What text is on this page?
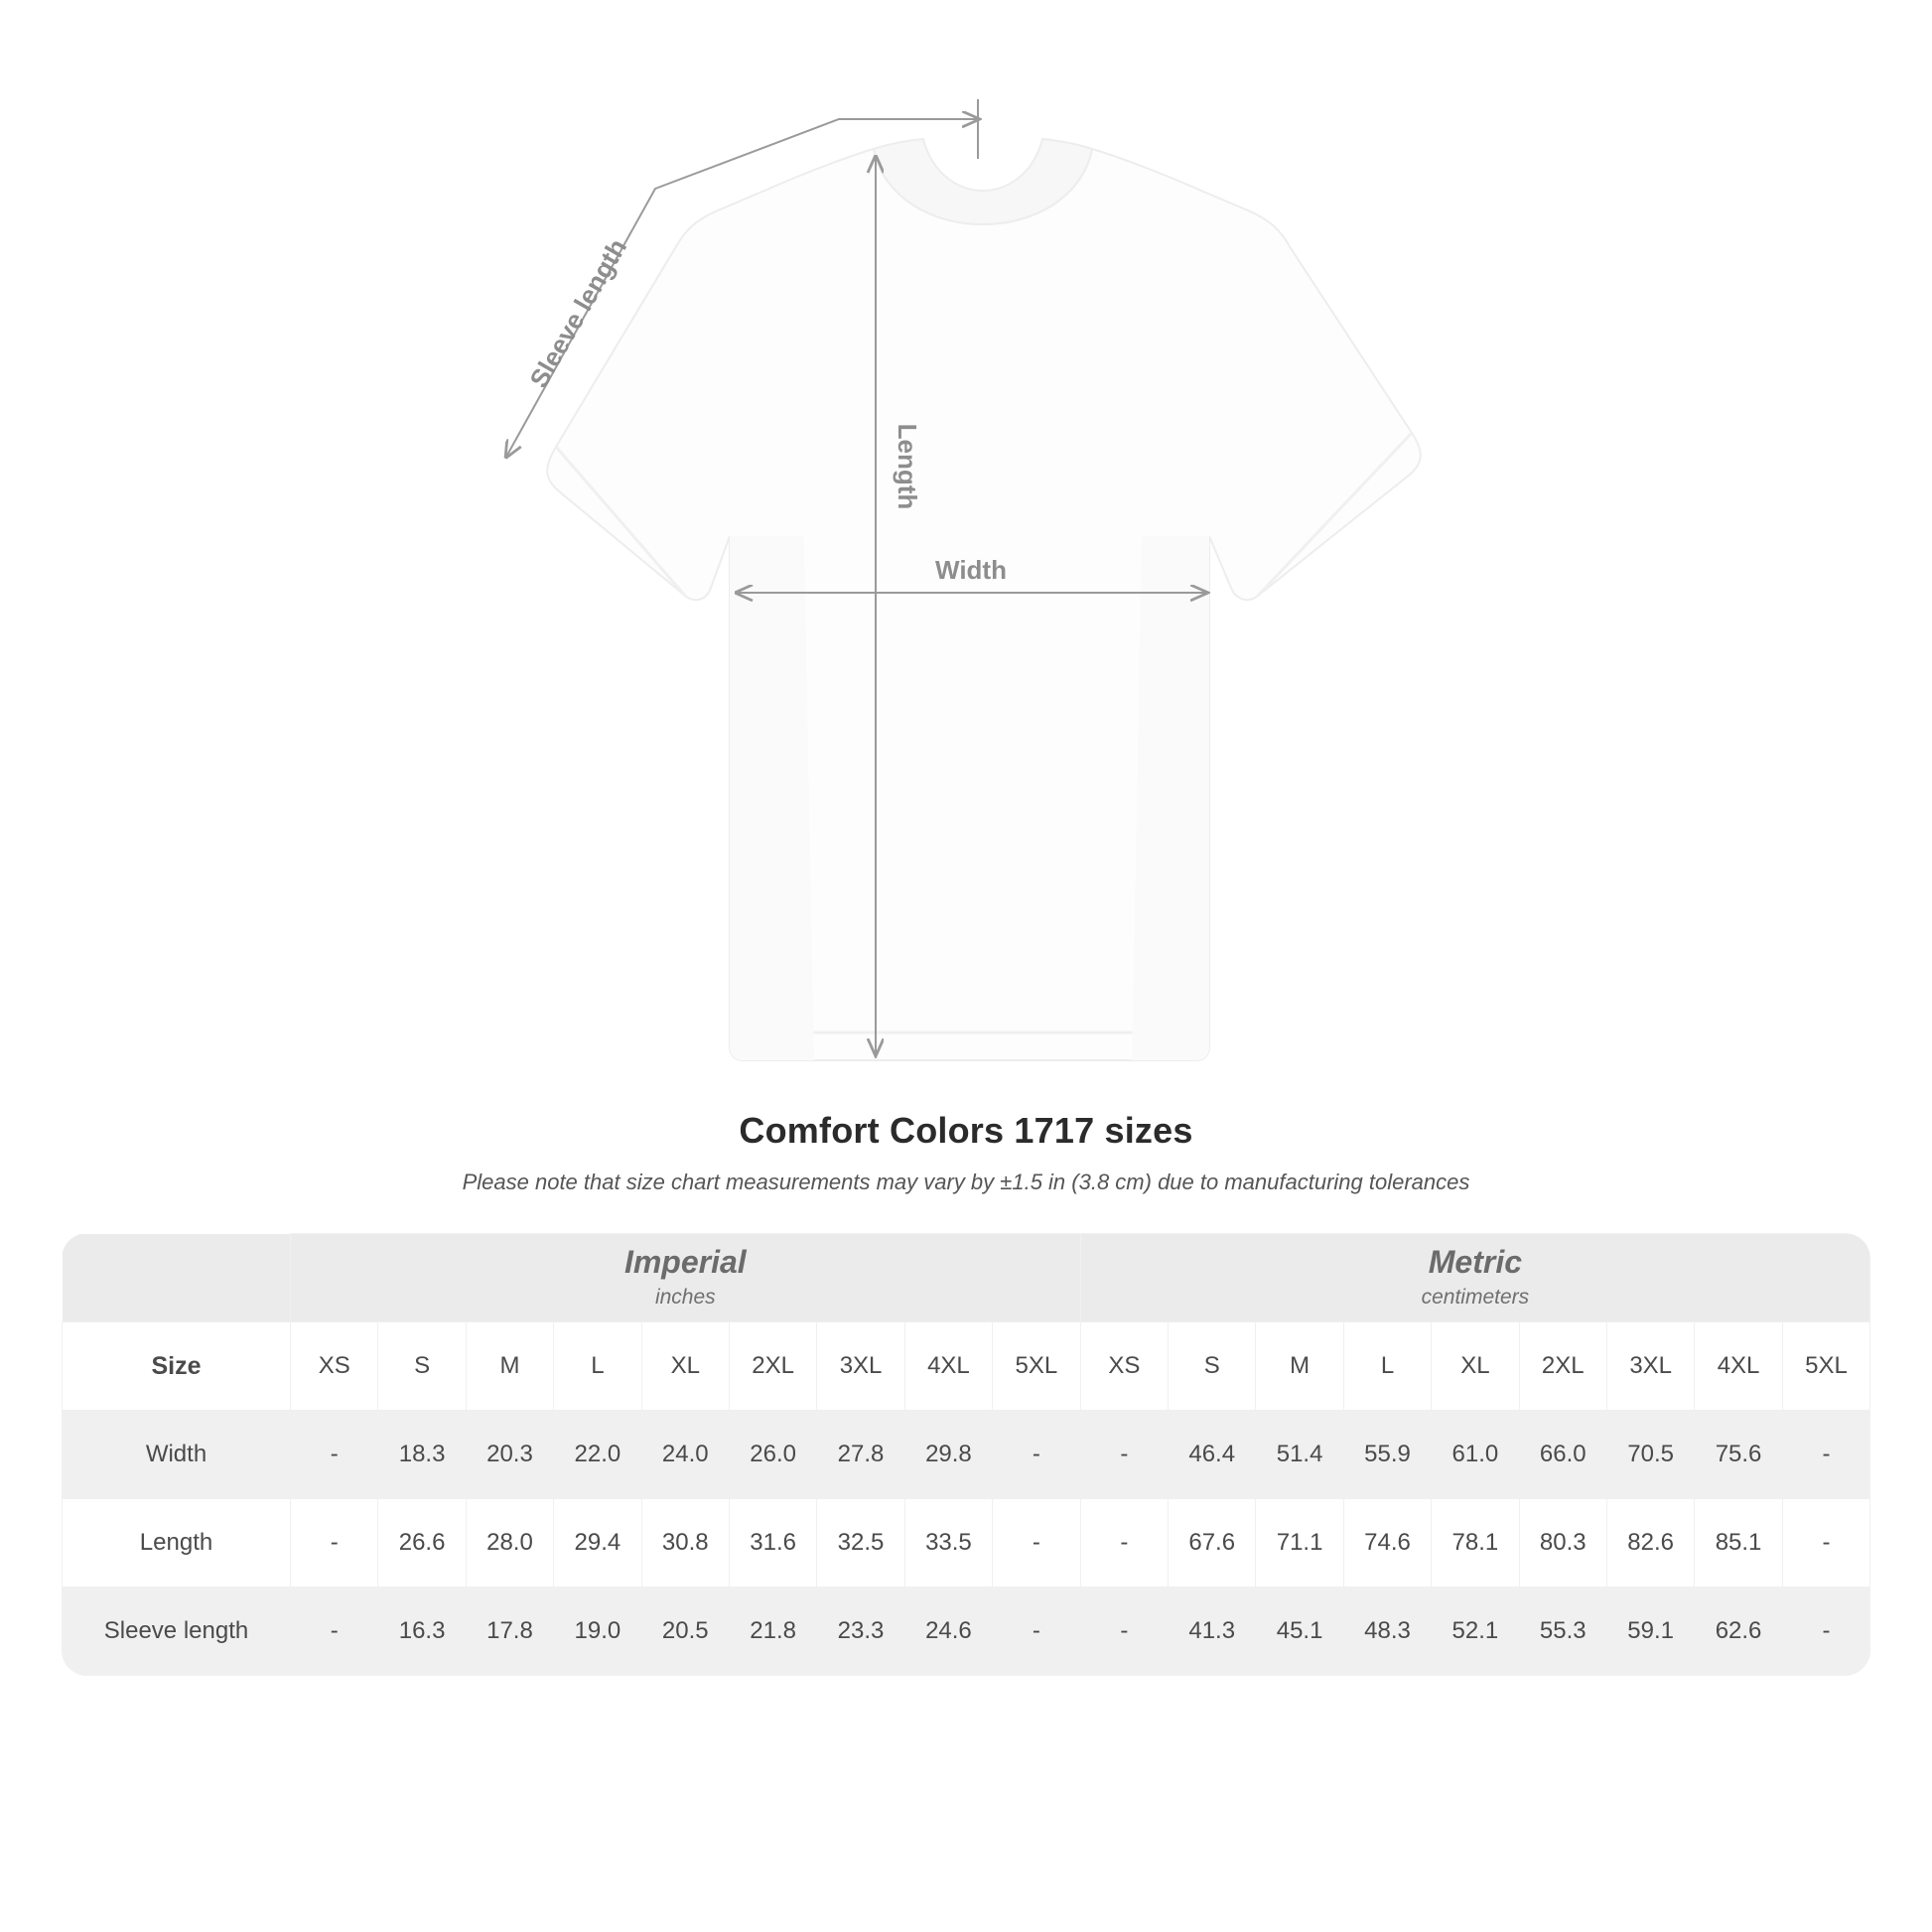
Width
Length
Sleeve length
Comfort Colors 1717 sizes
Please note that size chart measurements may vary by ±1.5 in (3.8 cm) due to manufacturing tolerances

Imperial
inches

Metric
centimeters

Size	XS	S	M	L	XL	2XL	3XL	4XL	5XL	XS	S	M	L	XL	2XL	3XL	4XL	5XL
Width	-	18.3	20.3	22.0	24.0	26.0	27.8	29.8	-	-	46.4	51.4	55.9	61.0	66.0	70.5	75.6	-
Length	-	26.6	28.0	29.4	30.8	31.6	32.5	33.5	-	-	67.6	71.1	74.6	78.1	80.3	82.6	85.1	-
Sleeve length	-	16.3	17.8	19.0	20.5	21.8	23.3	24.6	-	-	41.3	45.1	48.3	52.1	55.3	59.1	62.6	-
